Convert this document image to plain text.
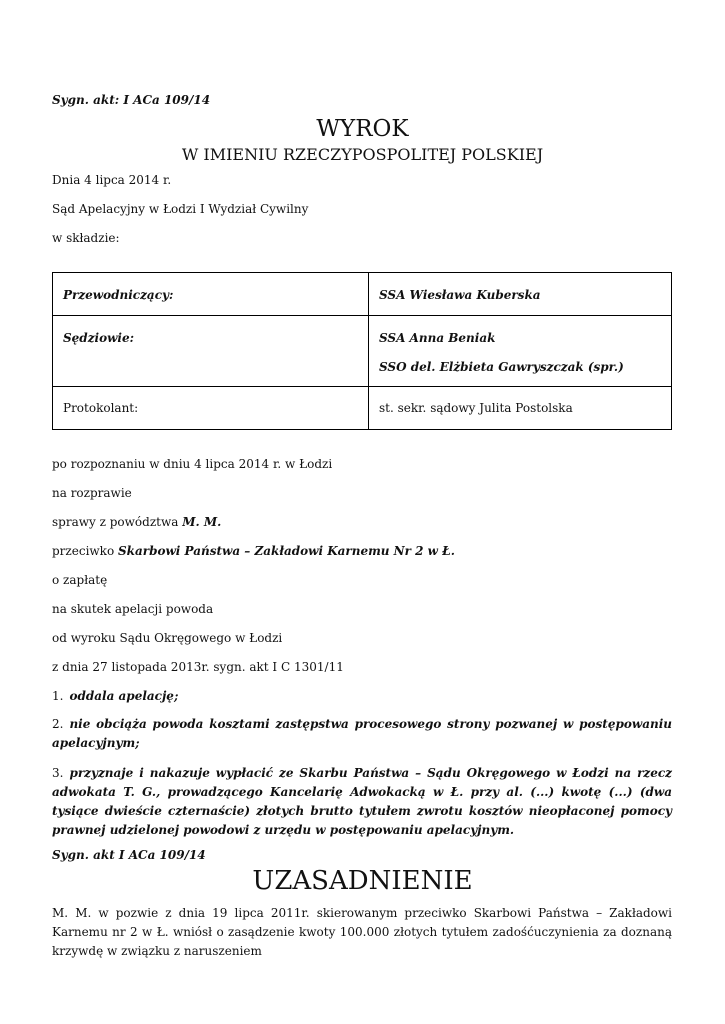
Sygn. akt: I ACa 109/14
WYROK
W IMIENIU RZECZYPOSPOLITEJ POLSKIEJ
Dnia 4 lipca 2014 r.
Sąd Apelacyjny w Łodzi I Wydział Cywilny
w składzie:
Przewodniczący:	SSA Wiesława Kuberska

Sędziowie:	SSA Anna Beniak
SSO del. Elżbieta Gawryszczak (spr.)

Protokolant:	st. sekr. sądowy Julita Postolska
po rozpoznaniu w dniu 4 lipca 2014 r. w Łodzi
na rozprawie
sprawy z powództwa M. M.
przeciwko Skarbowi Państwa – Zakładowi Karnemu Nr 2 w Ł.
o zapłatę
na skutek apelacji powoda
od wyroku Sądu Okręgowego w Łodzi
z dnia 27 listopada 2013r. sygn. akt I C 1301/11
1. oddala apelację;
2. nie obciąża powoda kosztami zastępstwa procesowego strony pozwanej w postępowaniu apelacyjnym;
3. przyznaje i nakazuje wypłacić ze Skarbu Państwa – Sądu Okręgowego w Łodzi na rzecz adwokata T. G., prowadzącego Kancelarię Adwokacką w Ł. przy al. (...) kwotę (...) (dwa tysiące dwieście czternaście) złotych brutto tytułem zwrotu kosztów nieopłaconej pomocy prawnej udzielonej powodowi z urzędu w postępowaniu apelacyjnym.
Sygn. akt I ACa 109/14
UZASADNIENIE
M. M. w pozwie z dnia 19 lipca 2011r. skierowanym przeciwko Skarbowi Państwa – Zakładowi Karnemu nr 2 w Ł. wniósł o zasądzenie kwoty 100.000 złotych tytułem zadośćuczynienia za doznaną krzywdę w związku z naruszeniem
